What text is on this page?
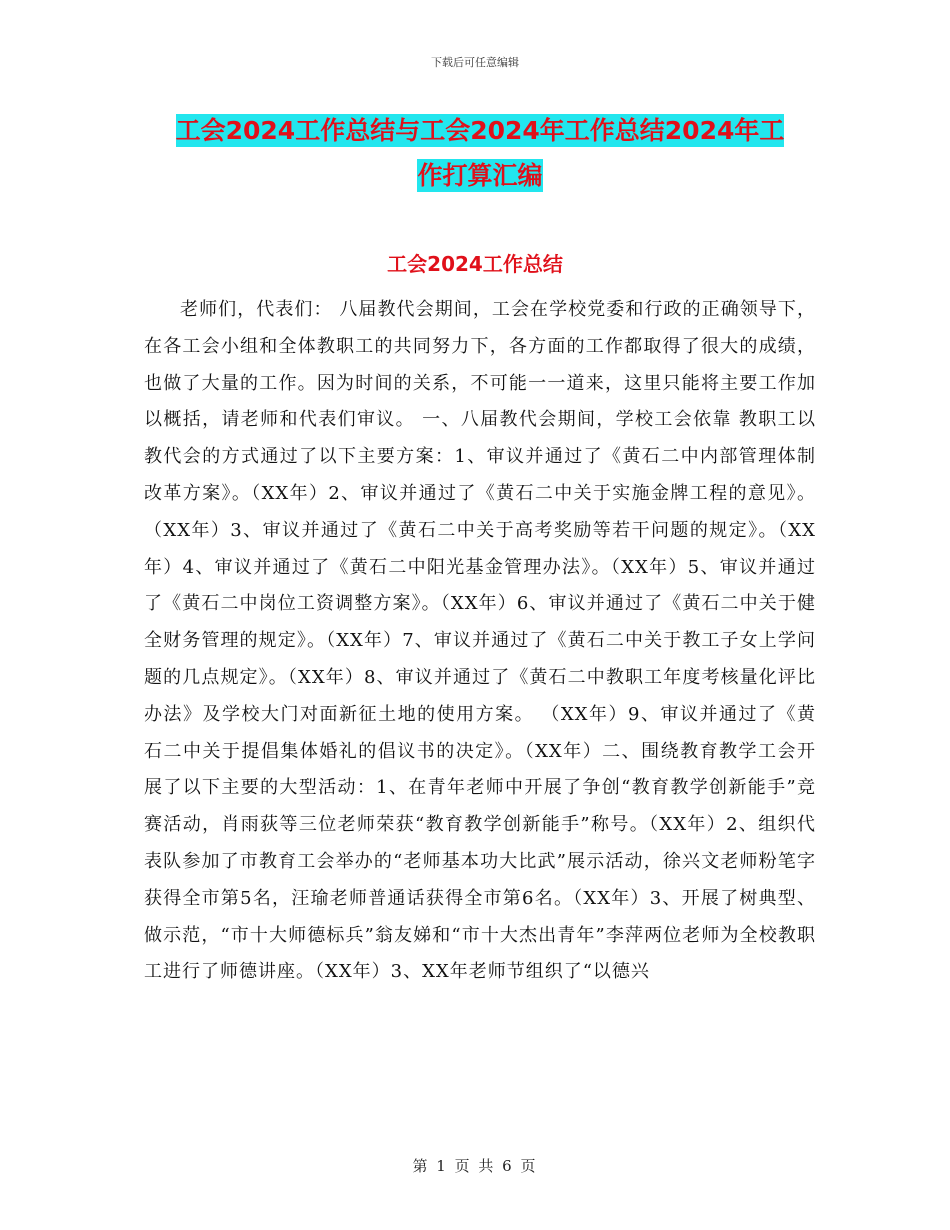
下载后可任意编辑
工会2024工作总结与工会2024年工作总结2024年工
作打算汇编
工会2024工作总结
老师们，代表们： 八届教代会期间，工会在学校党委和行政的正确领导下，在各工会小组和全体教职工的共同努力下，各方面的工作都取得了很大的成绩，也做了大量的工作。因为时间的关系，不可能一一道来，这里只能将主要工作加以概括，请老师和代表们审议。 一、八届教代会期间，学校工会依靠 教职工以教代会的方式通过了以下主要方案：1、审议并通过了《黄石二中内部管理体制改革方案》。（XX年）2、审议并通过了《黄石二中关于实施金牌工程的意见》。（XX年）3、审议并通过了《黄石二中关于高考奖励等若干问题的规定》。（XX年）4、审议并通过了《黄石二中阳光基金管理办法》。（XX年）5、审议并通过了《黄石二中岗位工资调整方案》。（XX年）6、审议并通过了《黄石二中关于健全财务管理的规定》。（XX年）7、审议并通过了《黄石二中关于教工子女上学问题的几点规定》。（XX年）8、审议并通过了《黄石二中教职工年度考核量化评比办法》及学校大门对面新征土地的使用方案。 （XX年）9、审议并通过了《黄石二中关于提倡集体婚礼的倡议书的决定》。（XX年）二、围绕教育教学工会开展了以下主要的大型活动：1、在青年老师中开展了争创“教育教学创新能手”竞赛活动，肖雨荻等三位老师荣获“教育教学创新能手”称号。（XX年）2、组织代表队参加了市教育工会举办的“老师基本功大比武”展示活动，徐兴文老师粉笔字获得全市第5名，汪瑜老师普通话获得全市第6名。（XX年）3、开展了树典型、做示范，“市十大师德标兵”翁友娣和“市十大杰出青年”李萍两位老师为全校教职工进行了师德讲座。（XX年）3、XX年老师节组织了“以德兴
第 1 页 共 6 页
